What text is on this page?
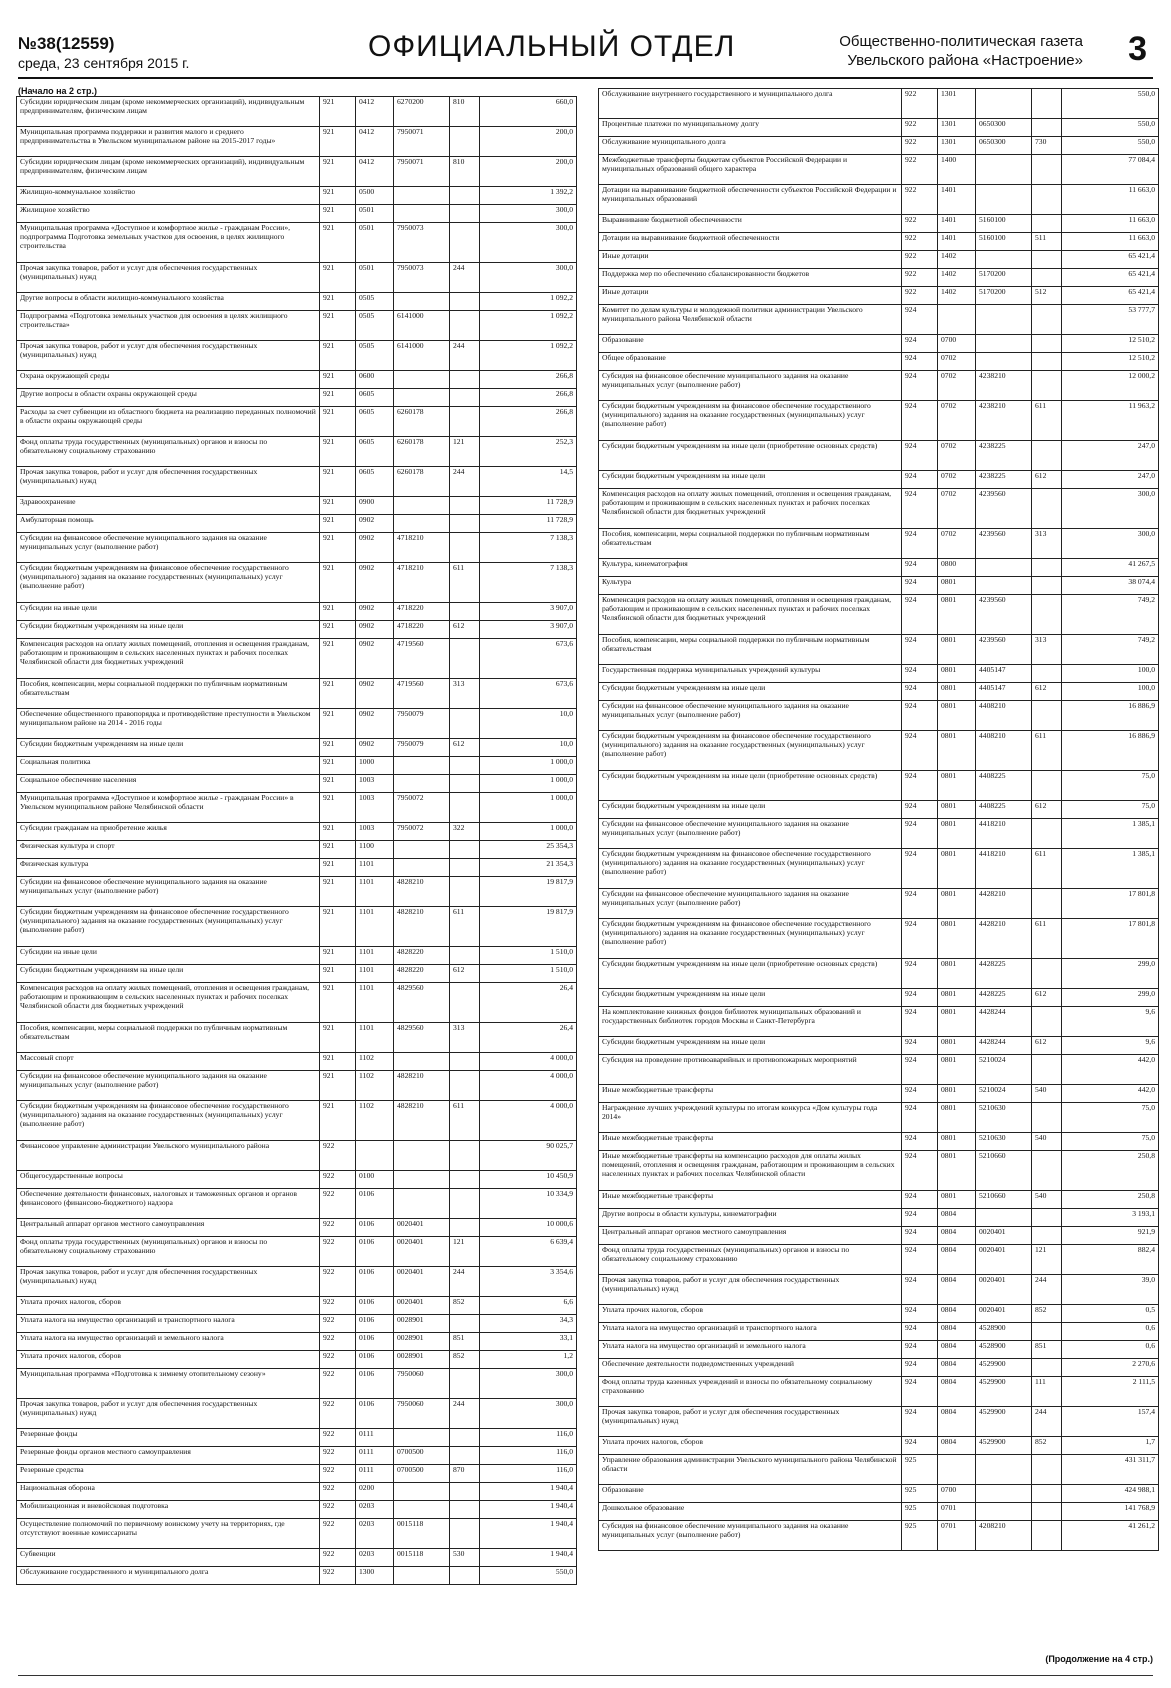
№38(12559)
среда, 23 сентября 2015 г.	ОФИЦИАЛЬНЫЙ ОТДЕЛ	Общественно-политическая газета
Увельского района «Настроение» 3
(Начало на 2 стр.)
Субсидии юридическим лицам (кроме некоммерческих организаций), индивидуальным предпринимателям, физическим лицам	921	0412	6270200	810	660,0
Муниципальная программа поддержки и развития малого и среднего предпринимательства в Увельском муниципальном районе на 2015-2017 годы»	921	0412	7950071		200,0
Субсидии юридическим лицам (кроме некоммерческих организаций), индивидуальным предпринимателям, физическим лицам	921	0412	7950071	810	200,0
Жилищно-коммунальное хозяйство	921	0500			1 392,2
Жилищное хозяйство	921	0501			300,0
Муниципальная программа «Доступное и комфортное жилье - гражданам России», подпрограмма Подготовка земельных участков для освоения, в целях жилищного строительства	921	0501	7950073		300,0
Прочая закупка товаров, работ и услуг для обеспечения государственных (муниципальных) нужд	921	0501	7950073	244	300,0
Другие вопросы в области жилищно-коммунального хозяйства	921	0505			1 092,2
Подпрограмма «Подготовка земельных участков для освоения в целях жилищного строительства»	921	0505	6141000		1 092,2
Прочая закупка товаров, работ и услуг для обеспечения государственных (муниципальных) нужд	921	0505	6141000	244	1 092,2
Охрана окружающей среды	921	0600			266,8
Другие вопросы в области охраны окружающей среды	921	0605			266,8
Расходы за счет субвенции из областного бюджета на реализацию переданных полномочий в области охраны окружающей среды	921	0605	6260178		266,8
Фонд оплаты труда государственных (муниципальных) органов и взносы по обязательному социальному страхованию	921	0605	6260178	121	252,3
Прочая закупка товаров, работ и услуг для обеспечения государственных (муниципальных) нужд	921	0605	6260178	244	14,5
Здравоохранение	921	0900			11 728,9
Амбулаторная помощь	921	0902			11 728,9
Субсидии на финансовое обеспечение муниципального задания на оказание муниципальных услуг (выполнение работ)	921	0902	4718210		7 138,3
Субсидии бюджетным учреждениям на финансовое обеспечение государственного (муниципального) задания на оказание государственных (муниципальных) услуг (выполнение работ)	921	0902	4718210	611	7 138,3
Субсидии на иные цели	921	0902	4718220		3 907,0
Субсидии бюджетным учреждениям на иные цели	921	0902	4718220	612	3 907,0
Компенсация расходов на оплату жилых помещений, отопления и освещения гражданам, работающим и проживающим в сельских населенных пунктах и рабочих поселках Челябинской области для бюджетных учреждений	921	0902	4719560		673,6
Пособия, компенсации, меры социальной поддержки по публичным нормативным обязательствам	921	0902	4719560	313	673,6
Обеспечение общественного правопорядка и противодействие преступности в Увельском муниципальном районе на 2014 - 2016 годы	921	0902	7950079		10,0
Субсидии бюджетным учреждениям на иные цели	921	0902	7950079	612	10,0
Социальная политика	921	1000			1 000,0
Социальное обеспечение населения	921	1003			1 000,0
Муниципальная программа «Доступное и комфортное жилье - гражданам России» в Увельском муниципальном районе Челябинской области	921	1003	7950072		1 000,0
Субсидии гражданам на приобретение жилья	921	1003	7950072	322	1 000,0
Физическая культура и спорт	921	1100			25 354,3
Физическая культура	921	1101			21 354,3
Субсидии на финансовое обеспечение муниципального задания на оказание муниципальных услуг (выполнение работ)	921	1101	4828210		19 817,9
Субсидии бюджетным учреждениям на финансовое обеспечение государственного (муниципального) задания на оказание государственных (муниципальных) услуг (выполнение работ)	921	1101	4828210	611	19 817,9
Субсидии на иные цели	921	1101	4828220		1 510,0
Субсидии бюджетным учреждениям на иные цели	921	1101	4828220	612	1 510,0
Компенсация расходов на оплату жилых помещений, отопления и освещения гражданам, работающим и проживающим в сельских населенных пунктах и рабочих поселках Челябинской области для бюджетных учреждений	921	1101	4829560		26,4
Пособия, компенсации, меры социальной поддержки по публичным нормативным обязательствам	921	1101	4829560	313	26,4
Массовый спорт	921	1102			4 000,0
Субсидии на финансовое обеспечение муниципального задания на оказание муниципальных услуг (выполнение работ)	921	1102	4828210		4 000,0
Субсидии бюджетным учреждениям на финансовое обеспечение государственного (муниципального) задания на оказание государственных (муниципальных) услуг (выполнение работ)	921	1102	4828210	611	4 000,0
Финансовое управление администрации Увельского муниципального района	922				90 025,7
Общегосударственные вопросы	922	0100			10 450,9
Обеспечение деятельности финансовых, налоговых и таможенных органов и органов финансового (финансово-бюджетного) надзора	922	0106			10 334,9
Центральный аппарат органов местного самоуправления	922	0106	0020401		10 000,6
Фонд оплаты труда государственных (муниципальных) органов и взносы по обязательному социальному страхованию	922	0106	0020401	121	6 639,4
Прочая закупка товаров, работ и услуг для обеспечения государственных (муниципальных) нужд	922	0106	0020401	244	3 354,6
Уплата прочих налогов, сборов	922	0106	0020401	852	6,6
Уплата налога на имущество организаций и транспортного налога	922	0106	0028901		34,3
Уплата налога на имущество организаций и земельного налога	922	0106	0028901	851	33,1
Уплата прочих налогов, сборов	922	0106	0028901	852	1,2
Муниципальная программа «Подготовка к зимнему отопительному сезону»	922	0106	7950060		300,0
Прочая закупка товаров, работ и услуг для обеспечения государственных (муниципальных) нужд	922	0106	7950060	244	300,0
Резервные фонды	922	0111			116,0
Резервные фонды органов местного самоуправления	922	0111	0700500		116,0
Резервные средства	922	0111	0700500	870	116,0
Национальная оборона	922	0200			1 940,4
Мобилизационная и вневойсковая подготовка	922	0203			1 940,4
Осуществление полномочий по первичному воинскому учету на территориях, где отсутствуют военные комиссариаты	922	0203	0015118		1 940,4
Субвенции	922	0203	0015118	530	1 940,4
Обслуживание государственного и муниципального долга	922	1300			550,0
Обслуживание внутреннего государственного и муниципального долга	922	1301			550,0
Процентные платежи по муниципальному долгу	922	1301	0650300		550,0
Обслуживание муниципального долга	922	1301	0650300	730	550,0
Межбюджетные трансферты бюджетам субъектов Российской Федерации и муниципальных образований общего характера	922	1400			77 084,4
Дотации на выравнивание бюджетной обеспеченности субъектов Российской Федерации и муниципальных образований	922	1401			11 663,0
Выравнивание бюджетной обеспеченности	922	1401	5160100		11 663,0
Дотации на выравнивание бюджетной обеспеченности	922	1401	5160100	511	11 663,0
Иные дотации	922	1402			65 421,4
Поддержка мер по обеспечению сбалансированности бюджетов	922	1402	5170200		65 421,4
Иные дотации	922	1402	5170200	512	65 421,4
Комитет по делам культуры и молодежной политики администрации Увельского муниципального района Челябинской области	924				53 777,7
Образование	924	0700			12 510,2
Общее образование	924	0702			12 510,2
Субсидия на финансовое обеспечение муниципального задания на оказание муниципальных услуг (выполнение работ)	924	0702	4238210		12 000,2
Субсидии бюджетным учреждениям на финансовое обеспечение государственного (муниципального) задания на оказание государственных (муниципальных) услуг (выполнение работ)	924	0702	4238210	611	11 963,2
Субсидии бюджетным учреждениям на иные цели (приобретение основных средств)	924	0702	4238225		247,0
Субсидии бюджетным учреждениям на иные цели	924	0702	4238225	612	247,0
Компенсация расходов на оплату жилых помещений, отопления и освещения гражданам, работающим и проживающим в сельских населенных пунктах и рабочих поселках Челябинской области для бюджетных учреждений	924	0702	4239560		300,0
Пособия, компенсации, меры социальной поддержки по публичным нормативным обязательствам	924	0702	4239560	313	300,0
Культура, кинематография	924	0800			41 267,5
Культура	924	0801			38 074,4
Компенсация расходов на оплату жилых помещений, отопления и освещения гражданам, работающим и проживающим в сельских населенных пунктах и рабочих поселках Челябинской области для бюджетных учреждений	924	0801	4239560		749,2
Пособия, компенсации, меры социальной поддержки по публичным нормативным обязательствам	924	0801	4239560	313	749,2
Государственная поддержка муниципальных учреждений культуры	924	0801	4405147		100,0
Субсидии бюджетным учреждениям на иные цели	924	0801	4405147	612	100,0
Субсидии на финансовое обеспечение муниципального задания на оказание муниципальных услуг (выполнение работ)	924	0801	4408210		16 886,9
Субсидии бюджетным учреждениям на финансовое обеспечение государственного (муниципального) задания на оказание государственных (муниципальных) услуг (выполнение работ)	924	0801	4408210	611	16 886,9
Субсидии бюджетным учреждениям на иные цели (приобретение основных средств)	924	0801	4408225		75,0
Субсидии бюджетным учреждениям на иные цели	924	0801	4408225	612	75,0
Субсидии на финансовое обеспечение муниципального задания на оказание муниципальных услуг (выполнение работ)	924	0801	4418210		1 385,1
Субсидии бюджетным учреждениям на финансовое обеспечение государственного (муниципального) задания на оказание государственных (муниципальных) услуг (выполнение работ)	924	0801	4418210	611	1 385,1
Субсидии на финансовое обеспечение муниципального задания на оказание муниципальных услуг (выполнение работ)	924	0801	4428210		17 801,8
Субсидии бюджетным учреждениям на финансовое обеспечение государственного (муниципального) задания на оказание государственных (муниципальных) услуг (выполнение работ)	924	0801	4428210	611	17 801,8
Субсидии бюджетным учреждениям на иные цели (приобретение основных средств)	924	0801	4428225		299,0
Субсидии бюджетным учреждениям на иные цели	924	0801	4428225	612	299,0
На комплектование книжных фондов библиотек муниципальных образований и государственных библиотек городов Москвы и Санкт-Петербурга	924	0801	4428244		9,6
Субсидии бюджетным учреждениям на иные цели	924	0801	4428244	612	9,6
Субсидия на проведение противоаварийных и противопожарных мероприятий	924	0801	5210024		442,0
Иные межбюджетные трансферты	924	0801	5210024	540	442,0
Награждение лучших учреждений культуры по итогам конкурса «Дом культуры года 2014»	924	0801	5210630		75,0
Иные межбюджетные трансферты	924	0801	5210630	540	75,0
Иные межбюджетные трансферты на компенсацию расходов для оплаты жилых помещений, отопления и освещения гражданам, работающим и проживающим в сельских населенных пунктах и рабочих поселках Челябинской области	924	0801	5210660		250,8
Иные межбюджетные трансферты	924	0801	5210660	540	250,8
Другие вопросы в области культуры, кинематографии	924	0804			3 193,1
Центральный аппарат органов местного самоуправления	924	0804	0020401		921,9
Фонд оплаты труда государственных (муниципальных) органов и взносы по обязательному социальному страхованию	924	0804	0020401	121	882,4
Прочая закупка товаров, работ и услуг для обеспечения государственных (муниципальных) нужд	924	0804	0020401	244	39,0
Уплата прочих налогов, сборов	924	0804	0020401	852	0,5
Уплата налога на имущество организаций и транспортного налога	924	0804	4528900		0,6
Уплата налога на имущество организаций и земельного налога	924	0804	4528900	851	0,6
Обеспечение деятельности подведомственных учреждений	924	0804	4529900		2 270,6
Фонд оплаты труда казенных учреждений и взносы по обязательному социальному страхованию	924	0804	4529900	111	2 111,5
Прочая закупка товаров, работ и услуг для обеспечения государственных (муниципальных) нужд	924	0804	4529900	244	157,4
Уплата прочих налогов, сборов	924	0804	4529900	852	1,7
Управление образования администрации Увельского муниципального района Челябинской области	925				431 311,7
Образование	925	0700			424 988,1
Дошкольное образование	925	0701			141 768,9
Субсидия на финансовое обеспечение муниципального задания на оказание муниципальных услуг (выполнение работ)	925	0701	4208210		41 261,2
(Продолжение на 4 стр.)
